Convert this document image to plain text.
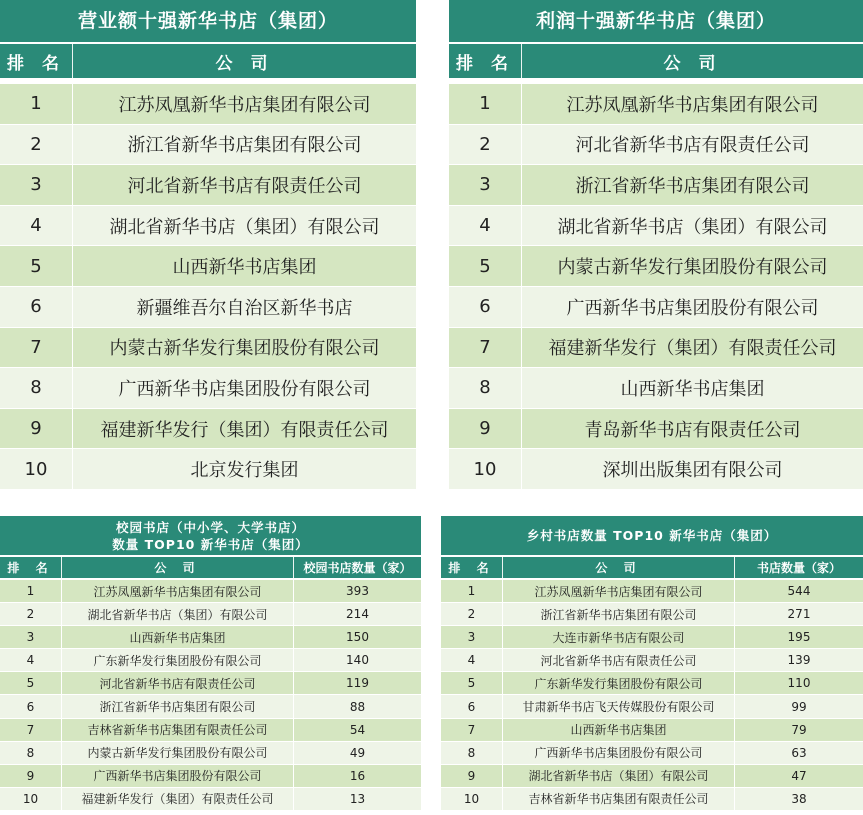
营业额十强新华书店（集团）
排 名	公 司
1	江苏凤凰新华书店集团有限公司
2	浙江省新华书店集团有限公司
3	河北省新华书店有限责任公司
4	湖北省新华书店（集团）有限公司
5	山西新华书店集团
6	新疆维吾尔自治区新华书店
7	内蒙古新华发行集团股份有限公司
8	广西新华书店集团股份有限公司
9	福建新华发行（集团）有限责任公司
10	北京发行集团
利润十强新华书店（集团）
排 名	公 司
1	江苏凤凰新华书店集团有限公司
2	河北省新华书店有限责任公司
3	浙江省新华书店集团有限公司
4	湖北省新华书店（集团）有限公司
5	内蒙古新华发行集团股份有限公司
6	广西新华书店集团股份有限公司
7	福建新华发行（集团）有限责任公司
8	山西新华书店集团
9	青岛新华书店有限责任公司
10	深圳出版集团有限公司
校园书店（中小学、大学书店）
数量 TOP10 新华书店（集团）
排 名	公 司	校园书店数量（家）
1	江苏凤凰新华书店集团有限公司	393
2	湖北省新华书店（集团）有限公司	214
3	山西新华书店集团	150
4	广东新华发行集团股份有限公司	140
5	河北省新华书店有限责任公司	119
6	浙江省新华书店集团有限公司	88
7	吉林省新华书店集团有限责任公司	54
8	内蒙古新华发行集团股份有限公司	49
9	广西新华书店集团股份有限公司	16
10	福建新华发行（集团）有限责任公司	13
乡村书店数量 TOP10 新华书店（集团）
排 名	公 司	书店数量（家）
1	江苏凤凰新华书店集团有限公司	544
2	浙江省新华书店集团有限公司	271
3	大连市新华书店有限公司	195
4	河北省新华书店有限责任公司	139
5	广东新华发行集团股份有限公司	110
6	甘肃新华书店飞天传媒股份有限公司	99
7	山西新华书店集团	79
8	广西新华书店集团股份有限公司	63
9	湖北省新华书店（集团）有限公司	47
10	吉林省新华书店集团有限责任公司	38
